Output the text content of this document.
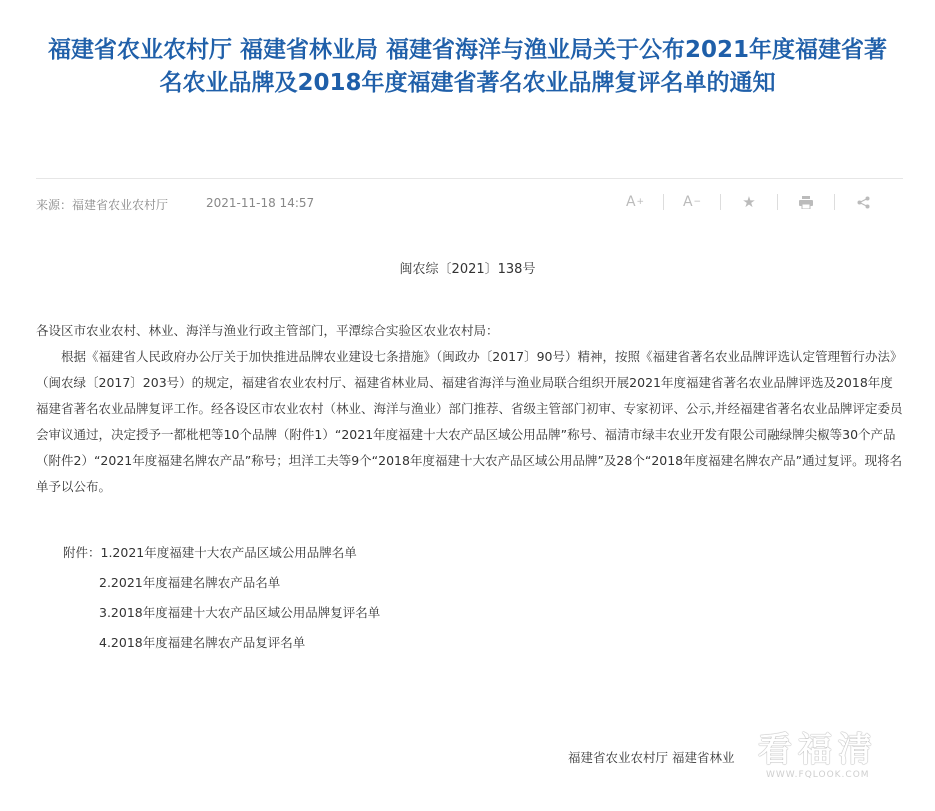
福建省农业农村厅 福建省林业局 福建省海洋与渔业局关于公布2021年度福建省著名农业品牌及2018年度福建省著名农业品牌复评名单的通知
来源：福建省农业农村厅	2021-11-18 14:57	A +	A −	★
闽农综〔2021〕138号

各设区市农业农村、林业、海洋与渔业行政主管部门，平潭综合实验区农业农村局：

根据《福建省人民政府办公厅关于加快推进品牌农业建设七条措施》（闽政办〔2017〕90号）精神，按照《福建省著名农业品牌评选认定管理暂行办法》（闽农绿〔2017〕203号）的规定，福建省农业农村厅、福建省林业局、福建省海洋与渔业局联合组织开展2021年度福建省著名农业品牌评选及2018年度福建省著名农业品牌复评工作。经各设区市农业农村（林业、海洋与渔业）部门推荐、省级主管部门初审、专家初评、公示,并经福建省著名农业品牌评定委员会审议通过，决定授予一都枇杷等10个品牌（附件1）“2021年度福建十大农产品区域公用品牌”称号、福清市绿丰农业开发有限公司融绿牌尖椒等30个产品（附件2）“2021年度福建名牌农产品”称号；坦洋工夫等9个“2018年度福建十大农产品区域公用品牌”及28个“2018年度福建名牌农产品”通过复评。现将名单予以公布。

附件：1.2021年度福建十大农产品区域公用品牌名单
2.2021年度福建名牌农产品名单
3.2018年度福建十大农产品区域公用品牌复评名单
4.2018年度福建名牌农产品复评名单
福建省农业农村厅 福建省林业 看福清
WWW.FQLOOK.COM
